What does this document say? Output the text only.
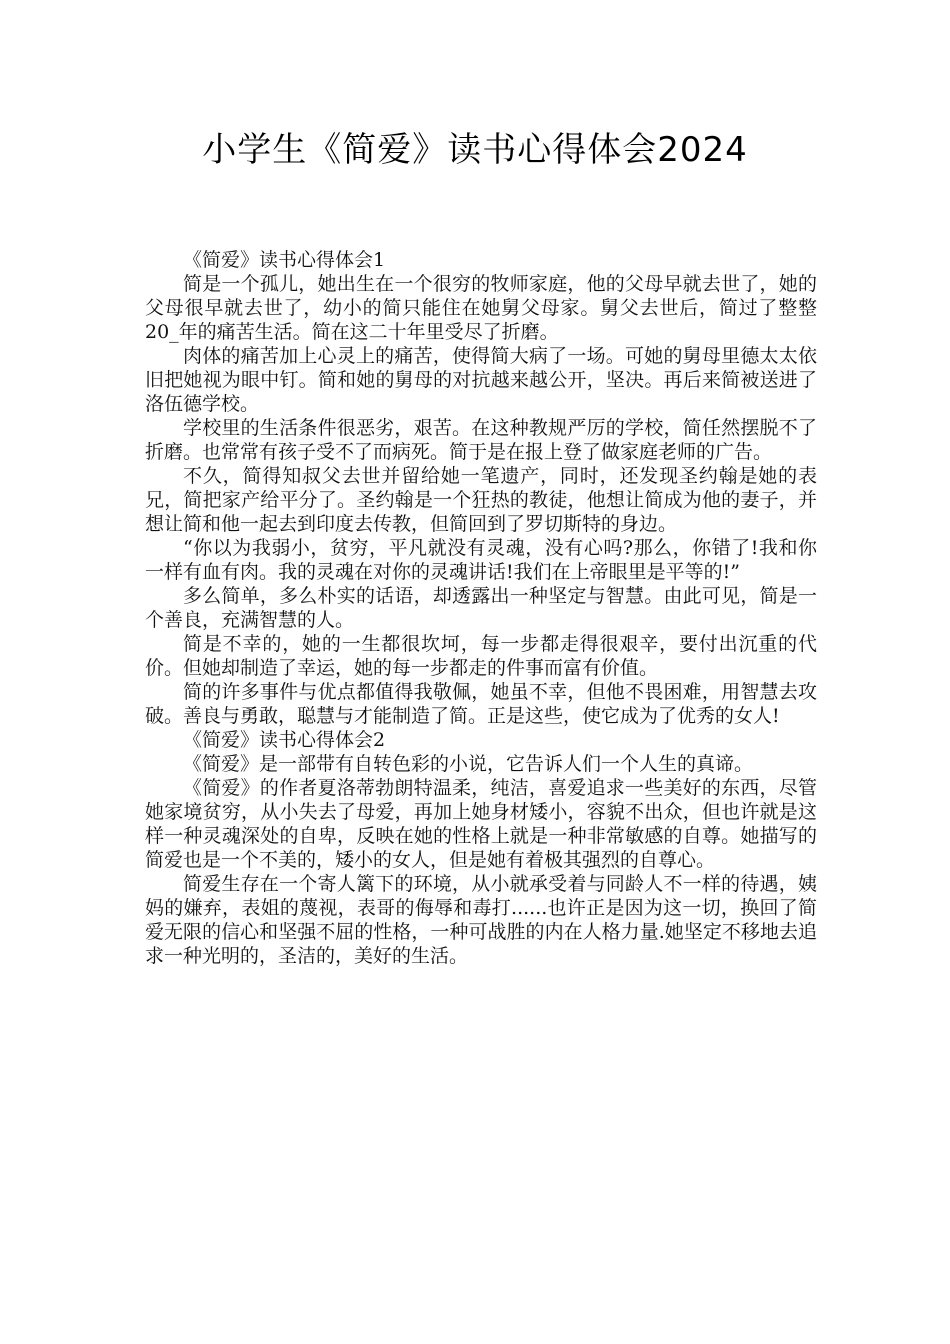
小学生《简爱》读书心得体会2024

《简爱》读书心得体会1

简是一个孤儿，她出生在一个很穷的牧师家庭，他的父母早就去世了，她的父母很早就去世了，幼小的简只能住在她舅父母家。舅父去世后，简过了整整20_年的痛苦生活。简在这二十年里受尽了折磨。

肉体的痛苦加上心灵上的痛苦，使得简大病了一场。可她的舅母里德太太依旧把她视为眼中钉。简和她的舅母的对抗越来越公开，坚决。再后来简被送进了洛伍德学校。

学校里的生活条件很恶劣，艰苦。在这种教规严厉的学校，简任然摆脱不了折磨。也常常有孩子受不了而病死。简于是在报上登了做家庭老师的广告。

不久，简得知叔父去世并留给她一笔遗产，同时，还发现圣约翰是她的表兄，简把家产给平分了。圣约翰是一个狂热的教徒，他想让简成为他的妻子，并想让简和他一起去到印度去传教，但简回到了罗切斯特的身边。

“你以为我弱小，贫穷，平凡就没有灵魂，没有心吗?那么，你错了!我和你一样有血有肉。我的灵魂在对你的灵魂讲话!我们在上帝眼里是平等的!”

多么简单，多么朴实的话语，却透露出一种坚定与智慧。由此可见，简是一个善良，充满智慧的人。

简是不幸的，她的一生都很坎坷，每一步都走得很艰辛，要付出沉重的代价。但她却制造了幸运，她的每一步都走的件事而富有价值。

简的许多事件与优点都值得我敬佩，她虽不幸，但他不畏困难，用智慧去攻破。善良与勇敢，聪慧与才能制造了简。正是这些，使它成为了优秀的女人!

《简爱》读书心得体会2

《简爱》是一部带有自转色彩的小说，它告诉人们一个人生的真谛。

《简爱》的作者夏洛蒂勃朗特温柔，纯洁，喜爱追求一些美好的东西，尽管她家境贫穷，从小失去了母爱，再加上她身材矮小，容貌不出众，但也许就是这样一种灵魂深处的自卑，反映在她的性格上就是一种非常敏感的自尊。她描写的简爱也是一个不美的，矮小的女人，但是她有着极其强烈的自尊心。

简爱生存在一个寄人篱下的环境，从小就承受着与同龄人不一样的待遇，姨妈的嫌弃，表姐的蔑视，表哥的侮辱和毒打......也许正是因为这一切，换回了简爱无限的信心和坚强不屈的性格，一种可战胜的内在人格力量.她坚定不移地去追求一种光明的，圣洁的，美好的生活。
